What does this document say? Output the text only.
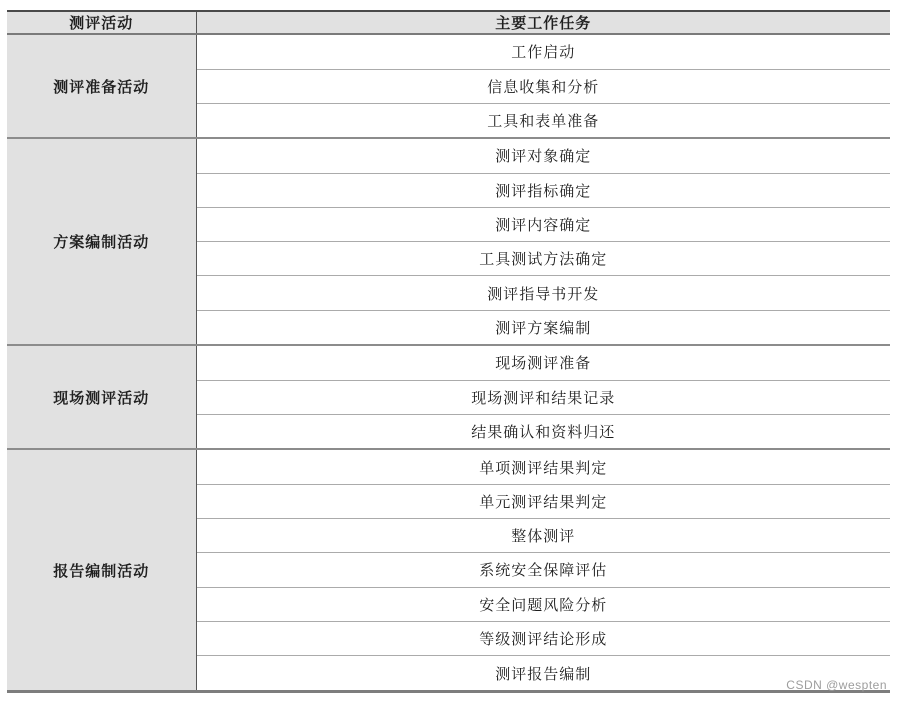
测评活动	主要工作任务
测评准备活动	工作启动
	信息收集和分析
	工具和表单准备
方案编制活动	测评对象确定
	测评指标确定
	测评内容确定
	工具测试方法确定
	测评指导书开发
	测评方案编制
现场测评活动	现场测评准备
	现场测评和结果记录
	结果确认和资料归还
报告编制活动	单项测评结果判定
	单元测评结果判定
	整体测评
	系统安全保障评估
	安全问题风险分析
	等级测评结论形成
	测评报告编制
CSDN @wespten
